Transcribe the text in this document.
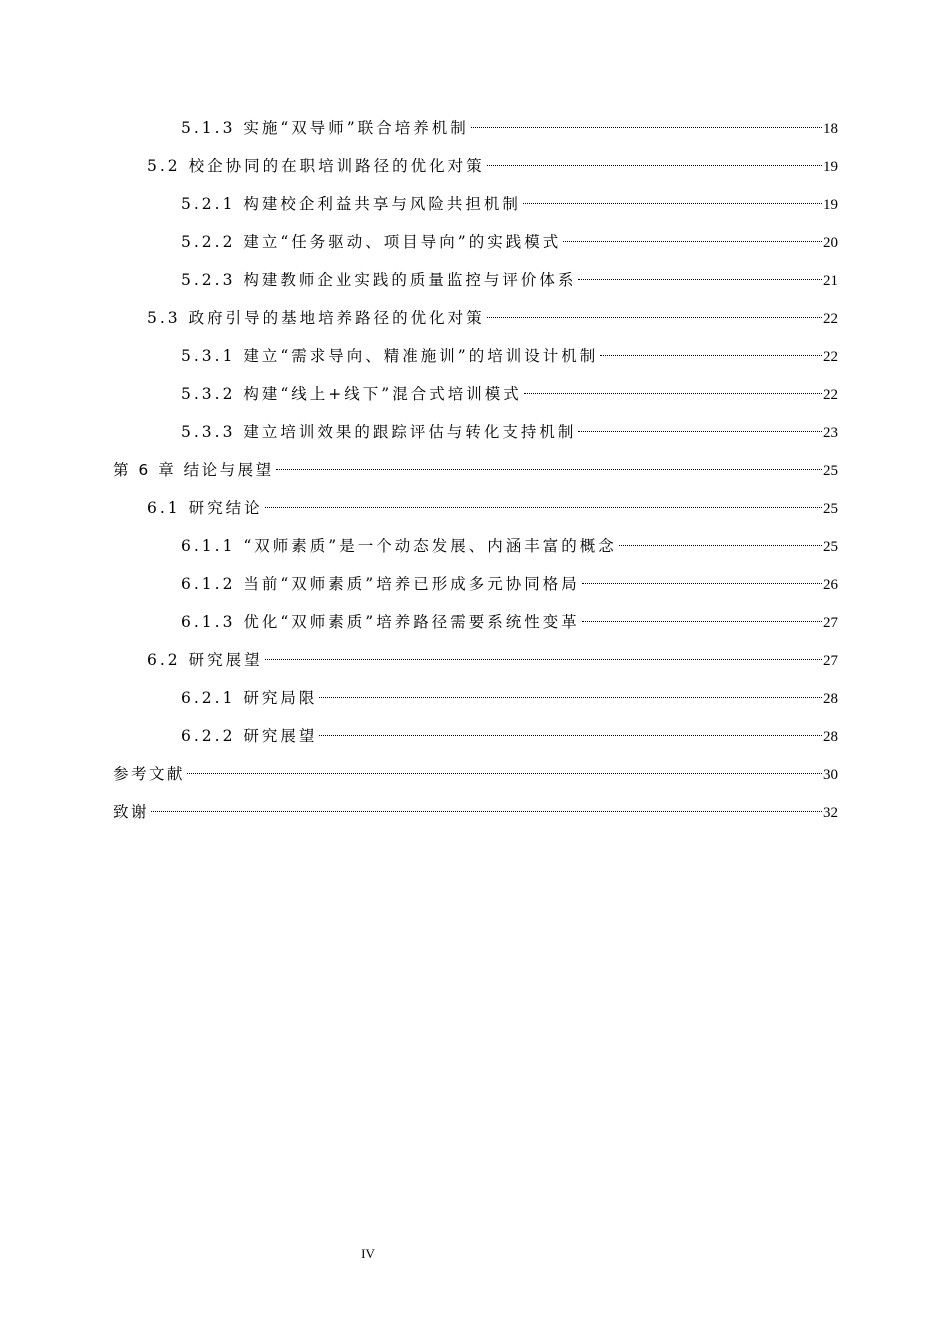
5.1.3 实施“双导师”联合培养机制	18
5.2 校企协同的在职培训路径的优化对策	19
5.2.1 构建校企利益共享与风险共担机制	19
5.2.2 建立“任务驱动、项目导向”的实践模式	20
5.2.3 构建教师企业实践的质量监控与评价体系	21
5.3 政府引导的基地培养路径的优化对策	22
5.3.1 建立“需求导向、精准施训”的培训设计机制	22
5.3.2 构建“线上+线下”混合式培训模式	22
5.3.3 建立培训效果的跟踪评估与转化支持机制	23
第 6 章 结论与展望	25
6.1 研究结论	25
6.1.1 “双师素质”是一个动态发展、内涵丰富的概念	25
6.1.2 当前“双师素质”培养已形成多元协同格局	26
6.1.3 优化“双师素质”培养路径需要系统性变革	27
6.2 研究展望	27
6.2.1 研究局限	28
6.2.2 研究展望	28
参考文献	30
致谢	32
IV
